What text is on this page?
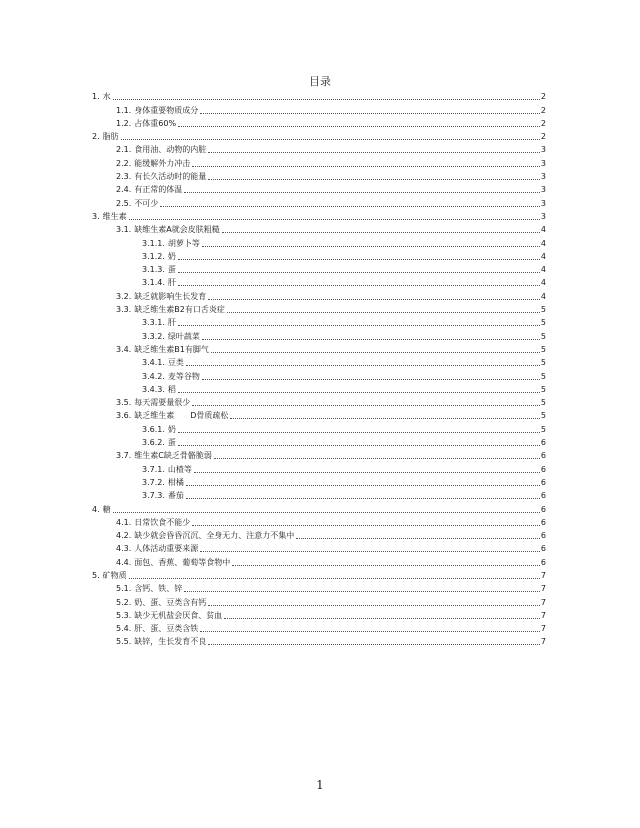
目录
1. 水	2
1.1. 身体重要物质成分	2
1.2. 占体重60%	2
2. 脂肪	2
2.1. 食用油、动物的内脏	3
2.2. 能缓解外力冲击	3
2.3. 有长久活动时的能量	3
2.4. 有正常的体温	3
2.5. 不可少	3
3. 维生素	3
3.1. 缺维生素A就会皮肤粗糙	4
3.1.1. 胡萝卜等	4
3.1.2. 奶	4
3.1.3. 蛋	4
3.1.4. 肝	4
3.2. 缺乏就影响生长发育	4
3.3. 缺乏维生素B2有口舌炎症	5
3.3.1. 肝	5
3.3.2. 绿叶蔬菜	5
3.4. 缺乏维生素B1有脚气	5
3.4.1. 豆类	5
3.4.2. 麦等谷物	5
3.4.3. 稻	5
3.5. 每天需要量很少	5
3.6. 缺乏维生素　　D骨质疏松	5
3.6.1. 奶	5
3.6.2. 蛋	6
3.7. 维生素C缺乏骨骼脆弱	6
3.7.1. 山楂等	6
3.7.2. 柑橘	6
3.7.3. 番茄	6
4. 糖	6
4.1. 日常饮食不能少	6
4.2. 缺少就会昏昏沉沉、全身无力、注意力不集中	6
4.3. 人体活动重要来源	6
4.4. 面包、香蕉、葡萄等食物中	6
5. 矿物质	7
5.1. 含钙、铁、锌	7
5.2. 奶、蛋、豆类含有钙	7
5.3. 缺少无机盐会厌食、贫血	7
5.4. 肝、蛋、豆类含铁	7
5.5. 缺锌，生长发育不良	7
1
